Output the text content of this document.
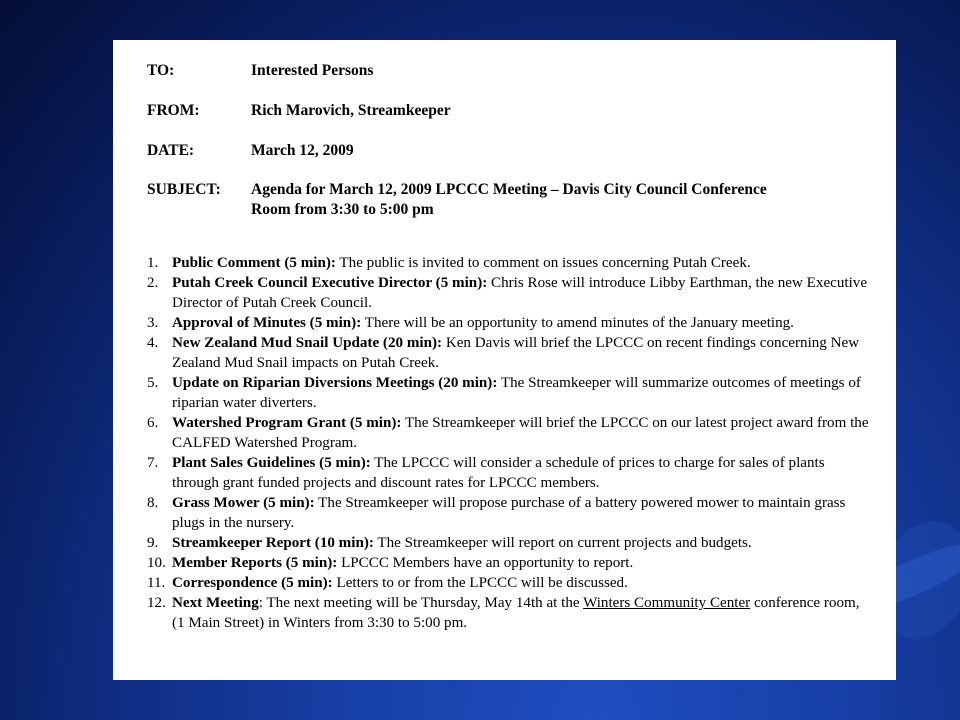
TO:	Interested Persons
FROM:	Rich Marovich, Streamkeeper
DATE:	March 12, 2009
SUBJECT:	Agenda for March 12, 2009 LPCCC Meeting – Davis City Council Conference
Room from 3:30 to 5:00 pm
1. Public Comment (5 min): The public is invited to comment on issues concerning Putah Creek.
2. Putah Creek Council Executive Director (5 min): Chris Rose will introduce Libby Earthman, the new Executive Director of Putah Creek Council.
3. Approval of Minutes (5 min): There will be an opportunity to amend minutes of the January meeting.
4. New Zealand Mud Snail Update (20 min): Ken Davis will brief the LPCCC on recent findings concerning New Zealand Mud Snail impacts on Putah Creek.
5. Update on Riparian Diversions Meetings (20 min): The Streamkeeper will summarize outcomes of meetings of riparian water diverters.
6. Watershed Program Grant (5 min): The Streamkeeper will brief the LPCCC on our latest project award from the CALFED Watershed Program.
7. Plant Sales Guidelines (5 min): The LPCCC will consider a schedule of prices to charge for sales of plants through grant funded projects and discount rates for LPCCC members.
8. Grass Mower (5 min): The Streamkeeper will propose purchase of a battery powered mower to maintain grass plugs in the nursery.
9. Streamkeeper Report (10 min): The Streamkeeper will report on current projects and budgets.
10. Member Reports (5 min): LPCCC Members have an opportunity to report.
11. Correspondence (5 min): Letters to or from the LPCCC will be discussed.
12. Next Meeting: The next meeting will be Thursday, May 14th at the Winters Community Center conference room, (1 Main Street) in Winters from 3:30 to 5:00 pm.
